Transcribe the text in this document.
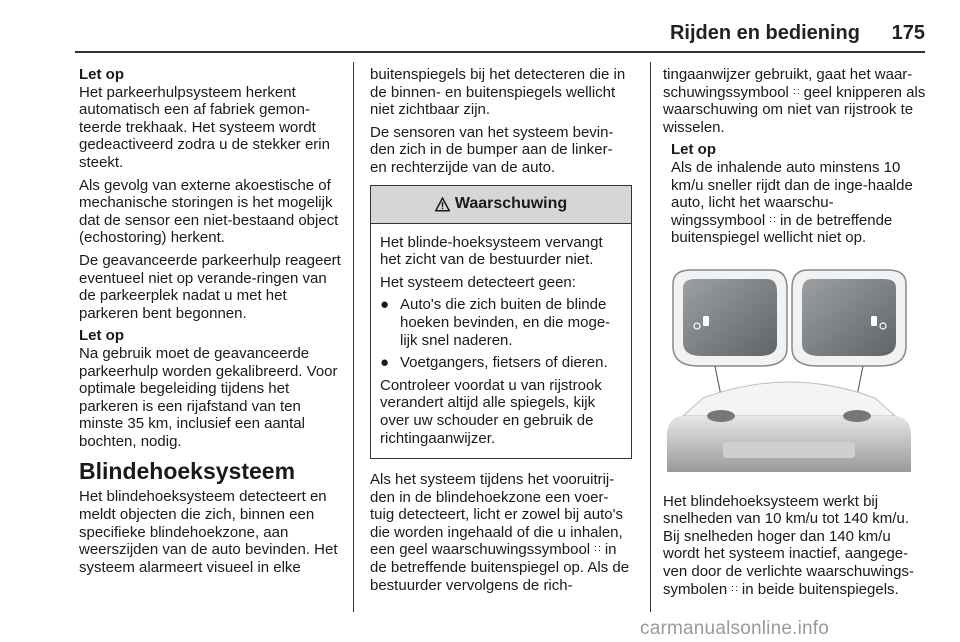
Rijden en bediening	175
Let op

Het parkeerhulpsysteem herkent automatisch een af fabriek gemon-teerde trekhaak. Het systeem wordt gedeactiveerd zodra u de stekker erin steekt.

Als gevolg van externe akoestische of mechanische storingen is het mogelijk dat de sensor een niet-bestaand object (echostoring) herkent.

De geavanceerde parkeerhulp reageert eventueel niet op verande-ringen van de parkeerplek nadat u met het parkeren bent begonnen.

Let op

Na gebruik moet de geavanceerde parkeerhulp worden gekalibreerd. Voor optimale begeleiding tijdens het parkeren is een rijafstand van ten minste 35 km, inclusief een aantal bochten, nodig.

Blindehoeksysteem

Het blindehoeksysteem detecteert en meldt objecten die zich, binnen een specifieke blindehoekzone, aan weerszijden van de auto bevinden. Het systeem alarmeert visueel in elke

buitenspiegels bij het detecteren die in de binnen- en buitenspiegels wellicht niet zichtbaar zijn.

De sensoren van het systeem bevin-den zich in de bumper aan de linker- en rechterzijde van de auto.

Waarschuwing

Het blinde-hoeksysteem vervangt het zicht van de bestuurder niet.

Het systeem detecteert geen:

● Auto's die zich buiten de blinde hoeken bevinden, en die moge-lijk snel naderen.
● Voetgangers, fietsers of dieren.

Controleer voordat u van rijstrook verandert altijd alle spiegels, kijk over uw schouder en gebruik de richtingaanwijzer.

Als het systeem tijdens het vooruitrij-den in de blindehoekzone een voer-tuig detecteert, licht er zowel bij auto's die worden ingehaald of die u inhalen, een geel waarschuwingssymbool ∷ in de betreffende buitenspiegel op. Als de bestuurder vervolgens de rich-

tingaanwijzer gebruikt, gaat het waar-schuwingssymbool ∷ geel knipperen als waarschuwing om niet van rijstrook te wisselen.

Let op

Als de inhalende auto minstens 10 km/u sneller rijdt dan de inge-haalde auto, licht het waarschu-wingssymbool ∷ in de betreffende buitenspiegel wellicht niet op.

Het blindehoeksysteem werkt bij snelheden van 10 km/u tot 140 km/u. Bij snelheden hoger dan 140 km/u wordt het systeem inactief, aangege-ven door de verlichte waarschuwings-symbolen ∷ in beide buitenspiegels.

carmanualsonline.info
